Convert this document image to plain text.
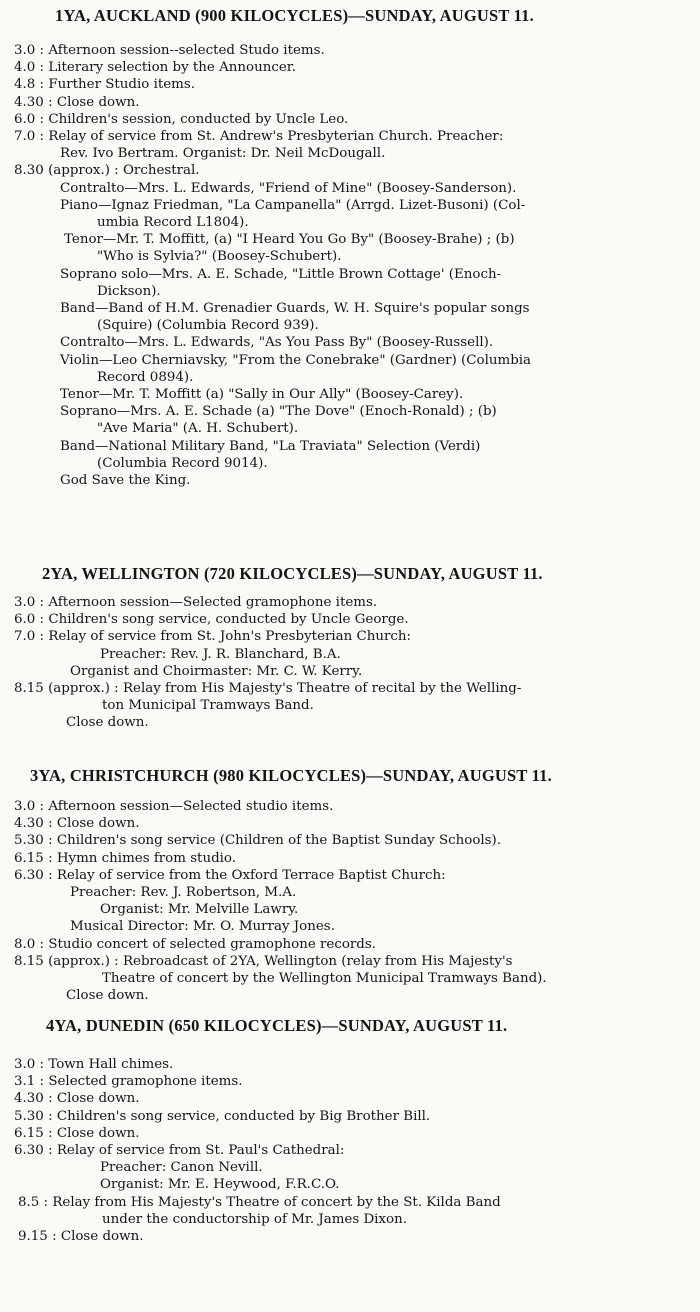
1YA, AUCKLAND (900 KILOCYCLES)—SUNDAY, AUGUST 11.
3.0 : Afternoon session--selected Studo items.
4.0 : Literary selection by the Announcer.
4.8 : Further Studio items.
4.30 : Close down.
6.0 : Children's session, conducted by Uncle Leo.
7.0 : Relay of service from St. Andrew's Presbyterian Church. Preacher:
Rev. Ivo Bertram. Organist: Dr. Neil McDougall.
8.30 (approx.) : Orchestral.
Contralto—Mrs. L. Edwards, "Friend of Mine" (Boosey-Sanderson).
Piano—Ignaz Friedman, "La Campanella" (Arrgd. Lizet-Busoni) (Col-
umbia Record L1804).
Tenor—Mr. T. Moffitt, (a) "I Heard You Go By" (Boosey-Brahe) ; (b)
"Who is Sylvia?" (Boosey-Schubert).
Soprano solo—Mrs. A. E. Schade, "Little Brown Cottage' (Enoch-
Dickson).
Band—Band of H.M. Grenadier Guards, W. H. Squire's popular songs
(Squire) (Columbia Record 939).
Contralto—Mrs. L. Edwards, "As You Pass By" (Boosey-Russell).
Violin—Leo Cherniavsky, "From the Conebrake" (Gardner) (Columbia
Record 0894).
Tenor—Mr. T. Moffitt (a) "Sally in Our Ally" (Boosey-Carey).
Soprano—Mrs. A. E. Schade (a) "The Dove" (Enoch-Ronald) ; (b)
"Ave Maria" (A. H. Schubert).
Band—National Military Band, "La Traviata" Selection (Verdi)
(Columbia Record 9014).
God Save the King.
2YA, WELLINGTON (720 KILOCYCLES)—SUNDAY, AUGUST 11.
3.0 : Afternoon session—Selected gramophone items.
6.0 : Children's song service, conducted by Uncle George.
7.0 : Relay of service from St. John's Presbyterian Church:
Preacher: Rev. J. R. Blanchard, B.A.
Organist and Choirmaster: Mr. C. W. Kerry.
8.15 (approx.) : Relay from His Majesty's Theatre of recital by the Welling-
ton Municipal Tramways Band.
Close down.
3YA, CHRISTCHURCH (980 KILOCYCLES)—SUNDAY, AUGUST 11.
3.0 : Afternoon session—Selected studio items.
4.30 : Close down.
5.30 : Children's song service (Children of the Baptist Sunday Schools).
6.15 : Hymn chimes from studio.
6.30 : Relay of service from the Oxford Terrace Baptist Church:
Preacher: Rev. J. Robertson, M.A.
Organist: Mr. Melville Lawry.
Musical Director: Mr. O. Murray Jones.
8.0 : Studio concert of selected gramophone records.
8.15 (approx.) : Rebroadcast of 2YA, Wellington (relay from His Majesty's
Theatre of concert by the Wellington Municipal Tramways Band).
Close down.
4YA, DUNEDIN (650 KILOCYCLES)—SUNDAY, AUGUST 11.
3.0 : Town Hall chimes.
3.1 : Selected gramophone items.
4.30 : Close down.
5.30 : Children's song service, conducted by Big Brother Bill.
6.15 : Close down.
6.30 : Relay of service from St. Paul's Cathedral:
Preacher: Canon Nevill.
Organist: Mr. E. Heywood, F.R.C.O.
8.5 : Relay from His Majesty's Theatre of concert by the St. Kilda Band
under the conductorship of Mr. James Dixon.
9.15 : Close down.
